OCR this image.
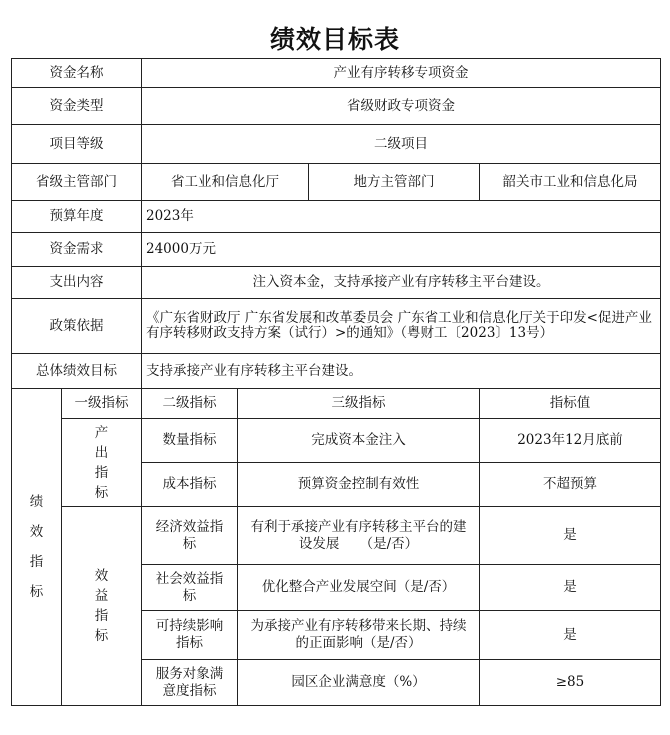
绩效目标表
资金名称		产业有序转移专项资金			
资金类型		省级财政专项资金			
项目等级		二级项目			
省级主管部门		省工业和信息化厅		地方主管部门	韶关市工业和信息化局
预算年度		2023年			
资金需求		24000万元			
支出内容		注入资本金，支持承接产业有序转移主平台建设。			
政策依据		《广东省财政厅 广东省发展和改革委员会 广东省工业和信息化厅关于印发<促进产业有序转移财政支持方案（试行）>的通知》（粤财工〔2023〕13号）			
总体绩效目标		支持承接产业有序转移主平台建设。			
绩效指标	一级指标	二级指标	三级指标		指标值
	产出指标	数量指标	完成资本金注入		2023年12月底前
		成本指标	预算资金控制有效性		不超预算
	效益指标	经济效益指标	有利于承接产业有序转移主平台的建设发展　　（是/否）		是
		社会效益指标	优化整合产业发展空间（是/否）		是
		可持续影响指标	为承接产业有序转移带来长期、持续的正面影响（是/否）		是
		服务对象满意度指标	园区企业满意度（%）		≥85
